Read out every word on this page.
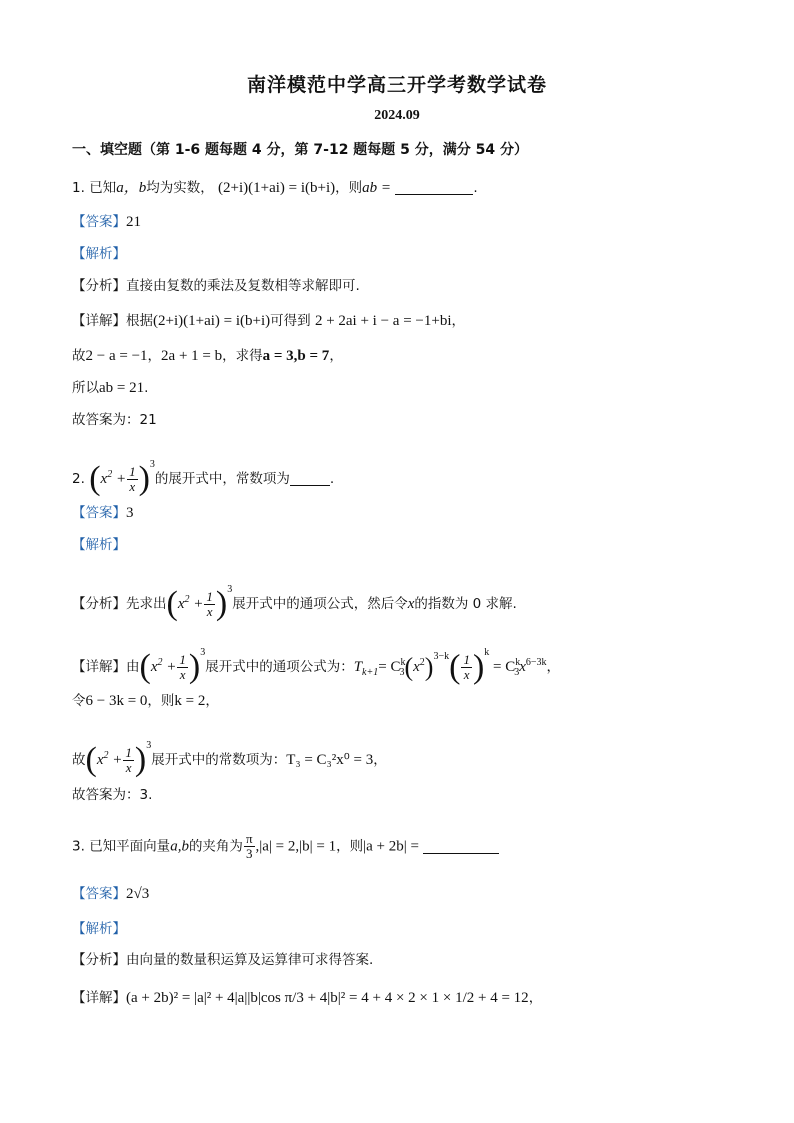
南洋模范中学高三开学考数学试卷
2024.09
一、填空题（第 1-6 题每题 4 分，第 7-12 题每题 5 分，满分 54 分）
1. 已知a，b均为实数， (2+i)(1+ai) = i(b+i)，则ab =	.
【答案】21
【解析】
【分析】直接由复数的乘法及复数相等求解即可.
【详解】根据(2+i)(1+ai) = i(b+i)可得到 2 + 2ai + i − a = −1+bi，
故2 − a = −1，2a + 1 = b，求得a = 3,b = 7，
所以ab = 21.
故答案为：21
2. $(x^2 + \frac{1}{x} )^3$的展开式中，常数项为	.
【答案】3
【解析】
【分析】先求出$(x^2 + \frac{1}{x} )^3$展开式中的通项公式，然后令x的指数为 0 求解.
【详解】由$(x^2 + \frac{1}{x} )^3$展开式中的通项公式为：$T_{k+1}= C^k_3(x^2)^{3-k}( \frac{1}{x} )^k = C^k_3x^{6-3k}$，
令6 − 3k = 0，则k = 2，
故$(x^2 + \frac{1}{x} )^3$展开式中的常数项为：T₃ = C₃²x⁰ = 3，
故答案为：3.
3. 已知平面向量a,b的夹角为 $\frac{\pi}{3} ,|a| = 2,|b| = 1$，则|a + 2b| =
【答案】2√3
【解析】
【分析】由向量的数量积运算及运算律可求得答案.
【详解】(a + 2b)² = |a|² + 4|a||b|cos π/3 + 4|b|² = 4 + 4 × 2 × 1 × 1/2 + 4 = 12，
